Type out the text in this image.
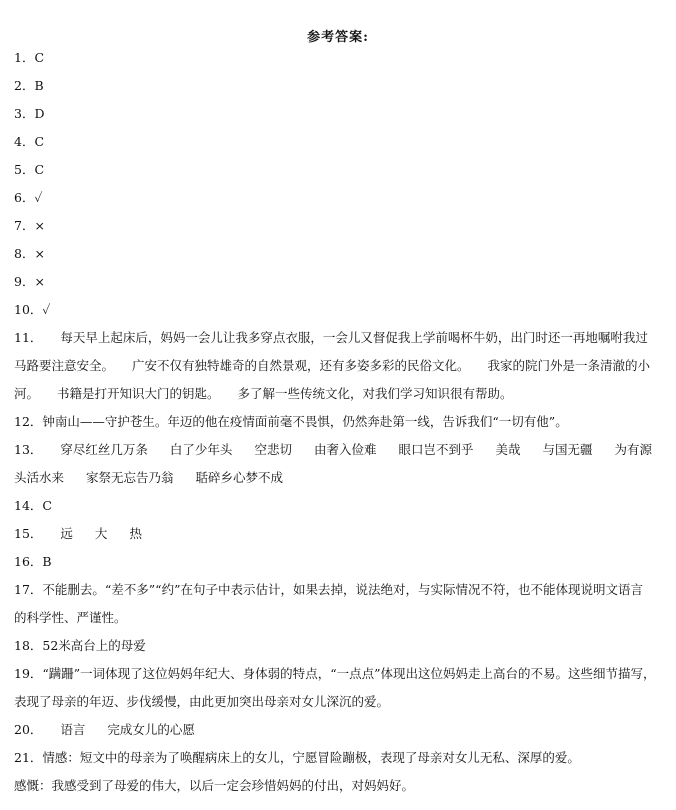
参考答案:
1．C
2．B
3．D
4．C
5．C
6．✓
7．×
8．×
9．×
10．✓
11． 每天早上起床后，妈妈一会儿让我多穿点衣服，一会儿又督促我上学前喝杯牛奶，出门时还一再地嘱咐我过
马路要注意安全。 广安不仅有独特雄奇的自然景观，还有多姿多彩的民俗文化。 我家的院门外是一条清澈的小
河。 书籍是打开知识大门的钥匙。 多了解一些传统文化，对我们学习知识很有帮助。
12．钟南山——守护苍生。年迈的他在疫情面前毫不畏惧，仍然奔赴第一线，告诉我们“一切有他”。
13． 穿尽红丝几万条 白了少年头 空悲切 由奢入俭难 眼口岂不到乎 美哉 与国无疆 为有源
头活水来 家祭无忘告乃翁 聒碎乡心梦不成
14．C
15． 远 大 热
16．B
17．不能删去。“差不多”“约”在句子中表示估计，如果去掉，说法绝对，与实际情况不符，也不能体现说明文语言
的科学性、严谨性。
18．52米高台上的母爱
19．“蹒跚”一词体现了这位妈妈年纪大、身体弱的特点，“一点点”体现出这位妈妈走上高台的不易。这些细节描写，
表现了母亲的年迈、步伐缓慢，由此更加突出母亲对女儿深沉的爱。
20． 语言 完成女儿的心愿
21．情感：短文中的母亲为了唤醒病床上的女儿，宁愿冒险蹦极，表现了母亲对女儿无私、深厚的爱。
感慨：我感受到了母爱的伟大，以后一定会珍惜妈妈的付出，对妈妈好。
